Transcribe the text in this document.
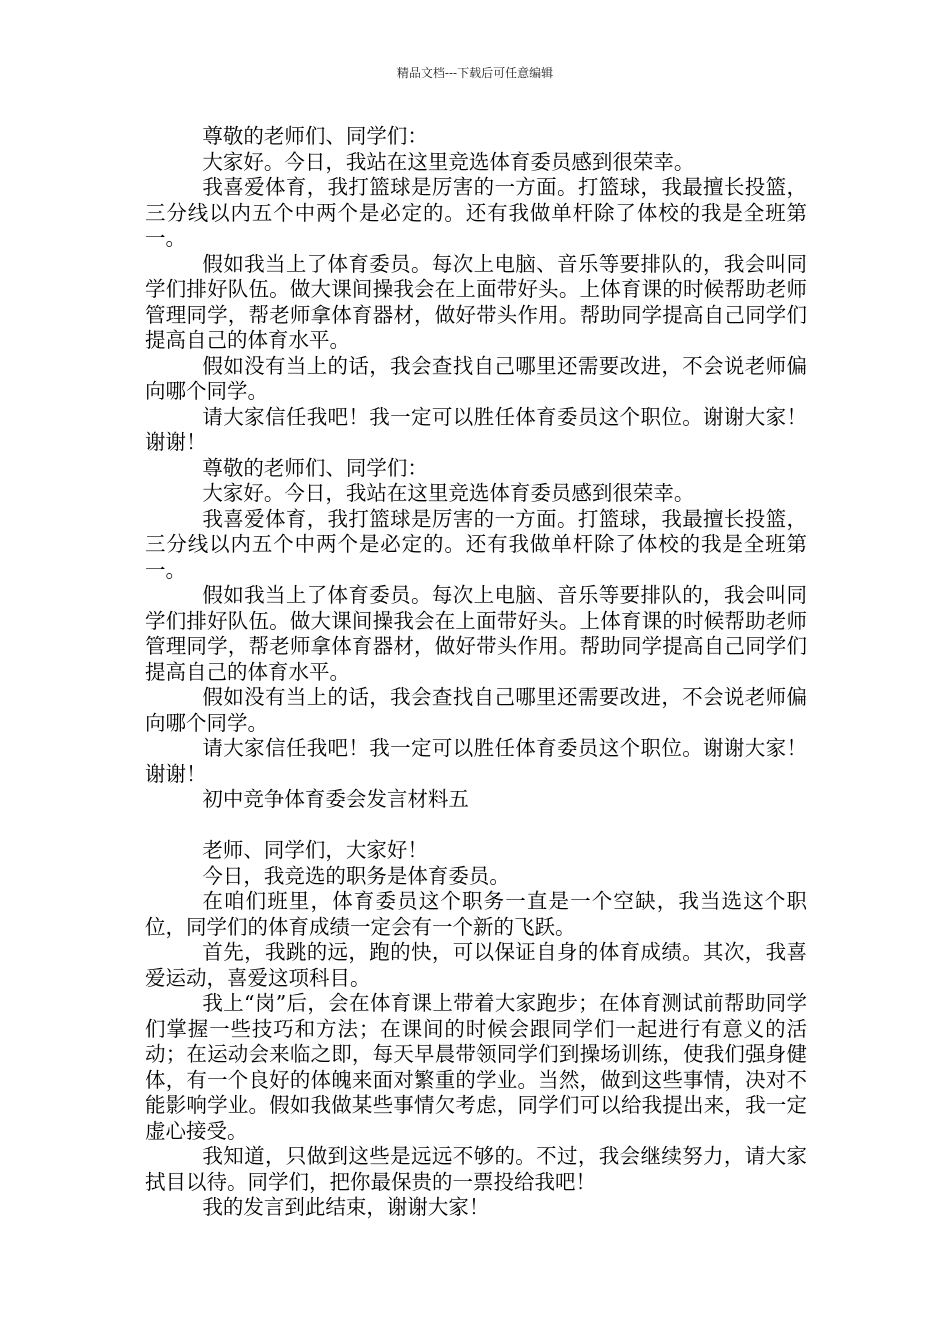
精品文档---下载后可任意编辑

尊敬的老师们、同学们：

大家好。今日，我站在这里竞选体育委员感到很荣幸。

我喜爱体育，我打篮球是厉害的一方面。打篮球，我最擅长投篮，三分线以内五个中两个是必定的。还有我做单杆除了体校的我是全班第一。

假如我当上了体育委员。每次上电脑、音乐等要排队的，我会叫同学们排好队伍。做大课间操我会在上面带好头。上体育课的时候帮助老师管理同学，帮老师拿体育器材，做好带头作用。帮助同学提高自己同学们提高自己的体育水平。

假如没有当上的话，我会查找自己哪里还需要改进，不会说老师偏向哪个同学。

请大家信任我吧！我一定可以胜任体育委员这个职位。谢谢大家！谢谢！

尊敬的老师们、同学们：

大家好。今日，我站在这里竞选体育委员感到很荣幸。

我喜爱体育，我打篮球是厉害的一方面。打篮球，我最擅长投篮，三分线以内五个中两个是必定的。还有我做单杆除了体校的我是全班第一。

假如我当上了体育委员。每次上电脑、音乐等要排队的，我会叫同学们排好队伍。做大课间操我会在上面带好头。上体育课的时候帮助老师管理同学，帮老师拿体育器材，做好带头作用。帮助同学提高自己同学们提高自己的体育水平。

假如没有当上的话，我会查找自己哪里还需要改进，不会说老师偏向哪个同学。

请大家信任我吧！我一定可以胜任体育委员这个职位。谢谢大家！谢谢！

初中竞争体育委会发言材料五

老师、同学们，大家好！

今日，我竞选的职务是体育委员。

在咱们班里，体育委员这个职务一直是一个空缺，我当选这个职位，同学们的体育成绩一定会有一个新的飞跃。

首先，我跳的远，跑的快，可以保证自身的体育成绩。其次，我喜爱运动，喜爱这项科目。

我上“岗”后，会在体育课上带着大家跑步；在体育测试前帮助同学们掌握一些技巧和方法；在课间的时候会跟同学们一起进行有意义的活动；在运动会来临之即，每天早晨带领同学们到操场训练，使我们强身健体，有一个良好的体魄来面对繁重的学业。当然，做到这些事情，决对不能影响学业。假如我做某些事情欠考虑，同学们可以给我提出来，我一定虚心接受。

我知道，只做到这些是远远不够的。不过，我会继续努力，请大家拭目以待。同学们，把你最保贵的一票投给我吧！

我的发言到此结束，谢谢大家！
